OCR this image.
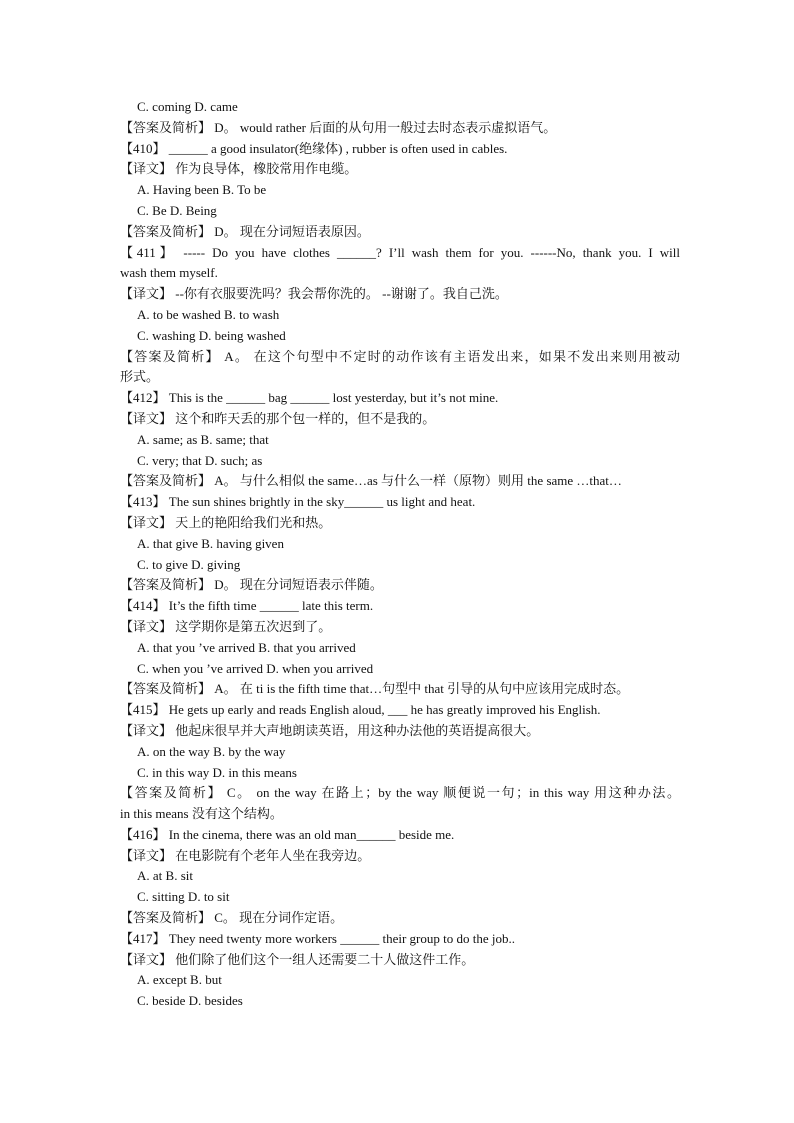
C. coming D. came
【答案及简析】 D。 would rather 后面的从句用一般过去时态表示虚拟语气。
【410】 ______ a good insulator(绝缘体) , rubber is often used in cables.
【译文】 作为良导体，橡胶常用作电缆。
A. Having been B. To be
C. Be D. Being
【答案及简析】 D。 现在分词短语表原因。
【411】 ----- Do you have clothes ______? I’ll wash them for you. ------No, thank you. I will
wash them myself.
【译文】 --你有衣服要洗吗？我会帮你洗的。 --谢谢了。我自己洗。
A. to be washed B. to wash
C. washing D. being washed
【答案及简析】 A。 在这个句型中不定时的动作该有主语发出来，如果不发出来则用被动
形式。
【412】 This is the ______ bag ______ lost yesterday, but it’s not mine.
【译文】 这个和昨天丢的那个包一样的，但不是我的。
A. same; as B. same; that
C. very; that D. such; as
【答案及简析】 A。 与什么相似 the same…as 与什么一样（原物）则用 the same …that…
【413】 The sun shines brightly in the sky______ us light and heat.
【译文】 天上的艳阳给我们光和热。
A. that give B. having given
C. to give D. giving
【答案及简析】 D。 现在分词短语表示伴随。
【414】 It’s the fifth time ______ late this term.
【译文】 这学期你是第五次迟到了。
A. that you ’ve arrived B. that you arrived
C. when you ’ve arrived D. when you arrived
【答案及简析】 A。 在 ti is the fifth time that…句型中 that 引导的从句中应该用完成时态。
【415】 He gets up early and reads English aloud, ___ he has greatly improved his English.
【译文】 他起床很早并大声地朗读英语，用这种办法他的英语提高很大。
A. on the way B. by the way
C. in this way D. in this means
【答案及简析】 C。 on the way 在路上；by the way 顺便说一句；in this way 用这种办法。
in this means 没有这个结构。
【416】 In the cinema, there was an old man______ beside me.
【译文】 在电影院有个老年人坐在我旁边。
A. at B. sit
C. sitting D. to sit
【答案及简析】 C。 现在分词作定语。
【417】 They need twenty more workers ______ their group to do the job..
【译文】 他们除了他们这个一组人还需要二十人做这件工作。
A. except B. but
C. beside D. besides
